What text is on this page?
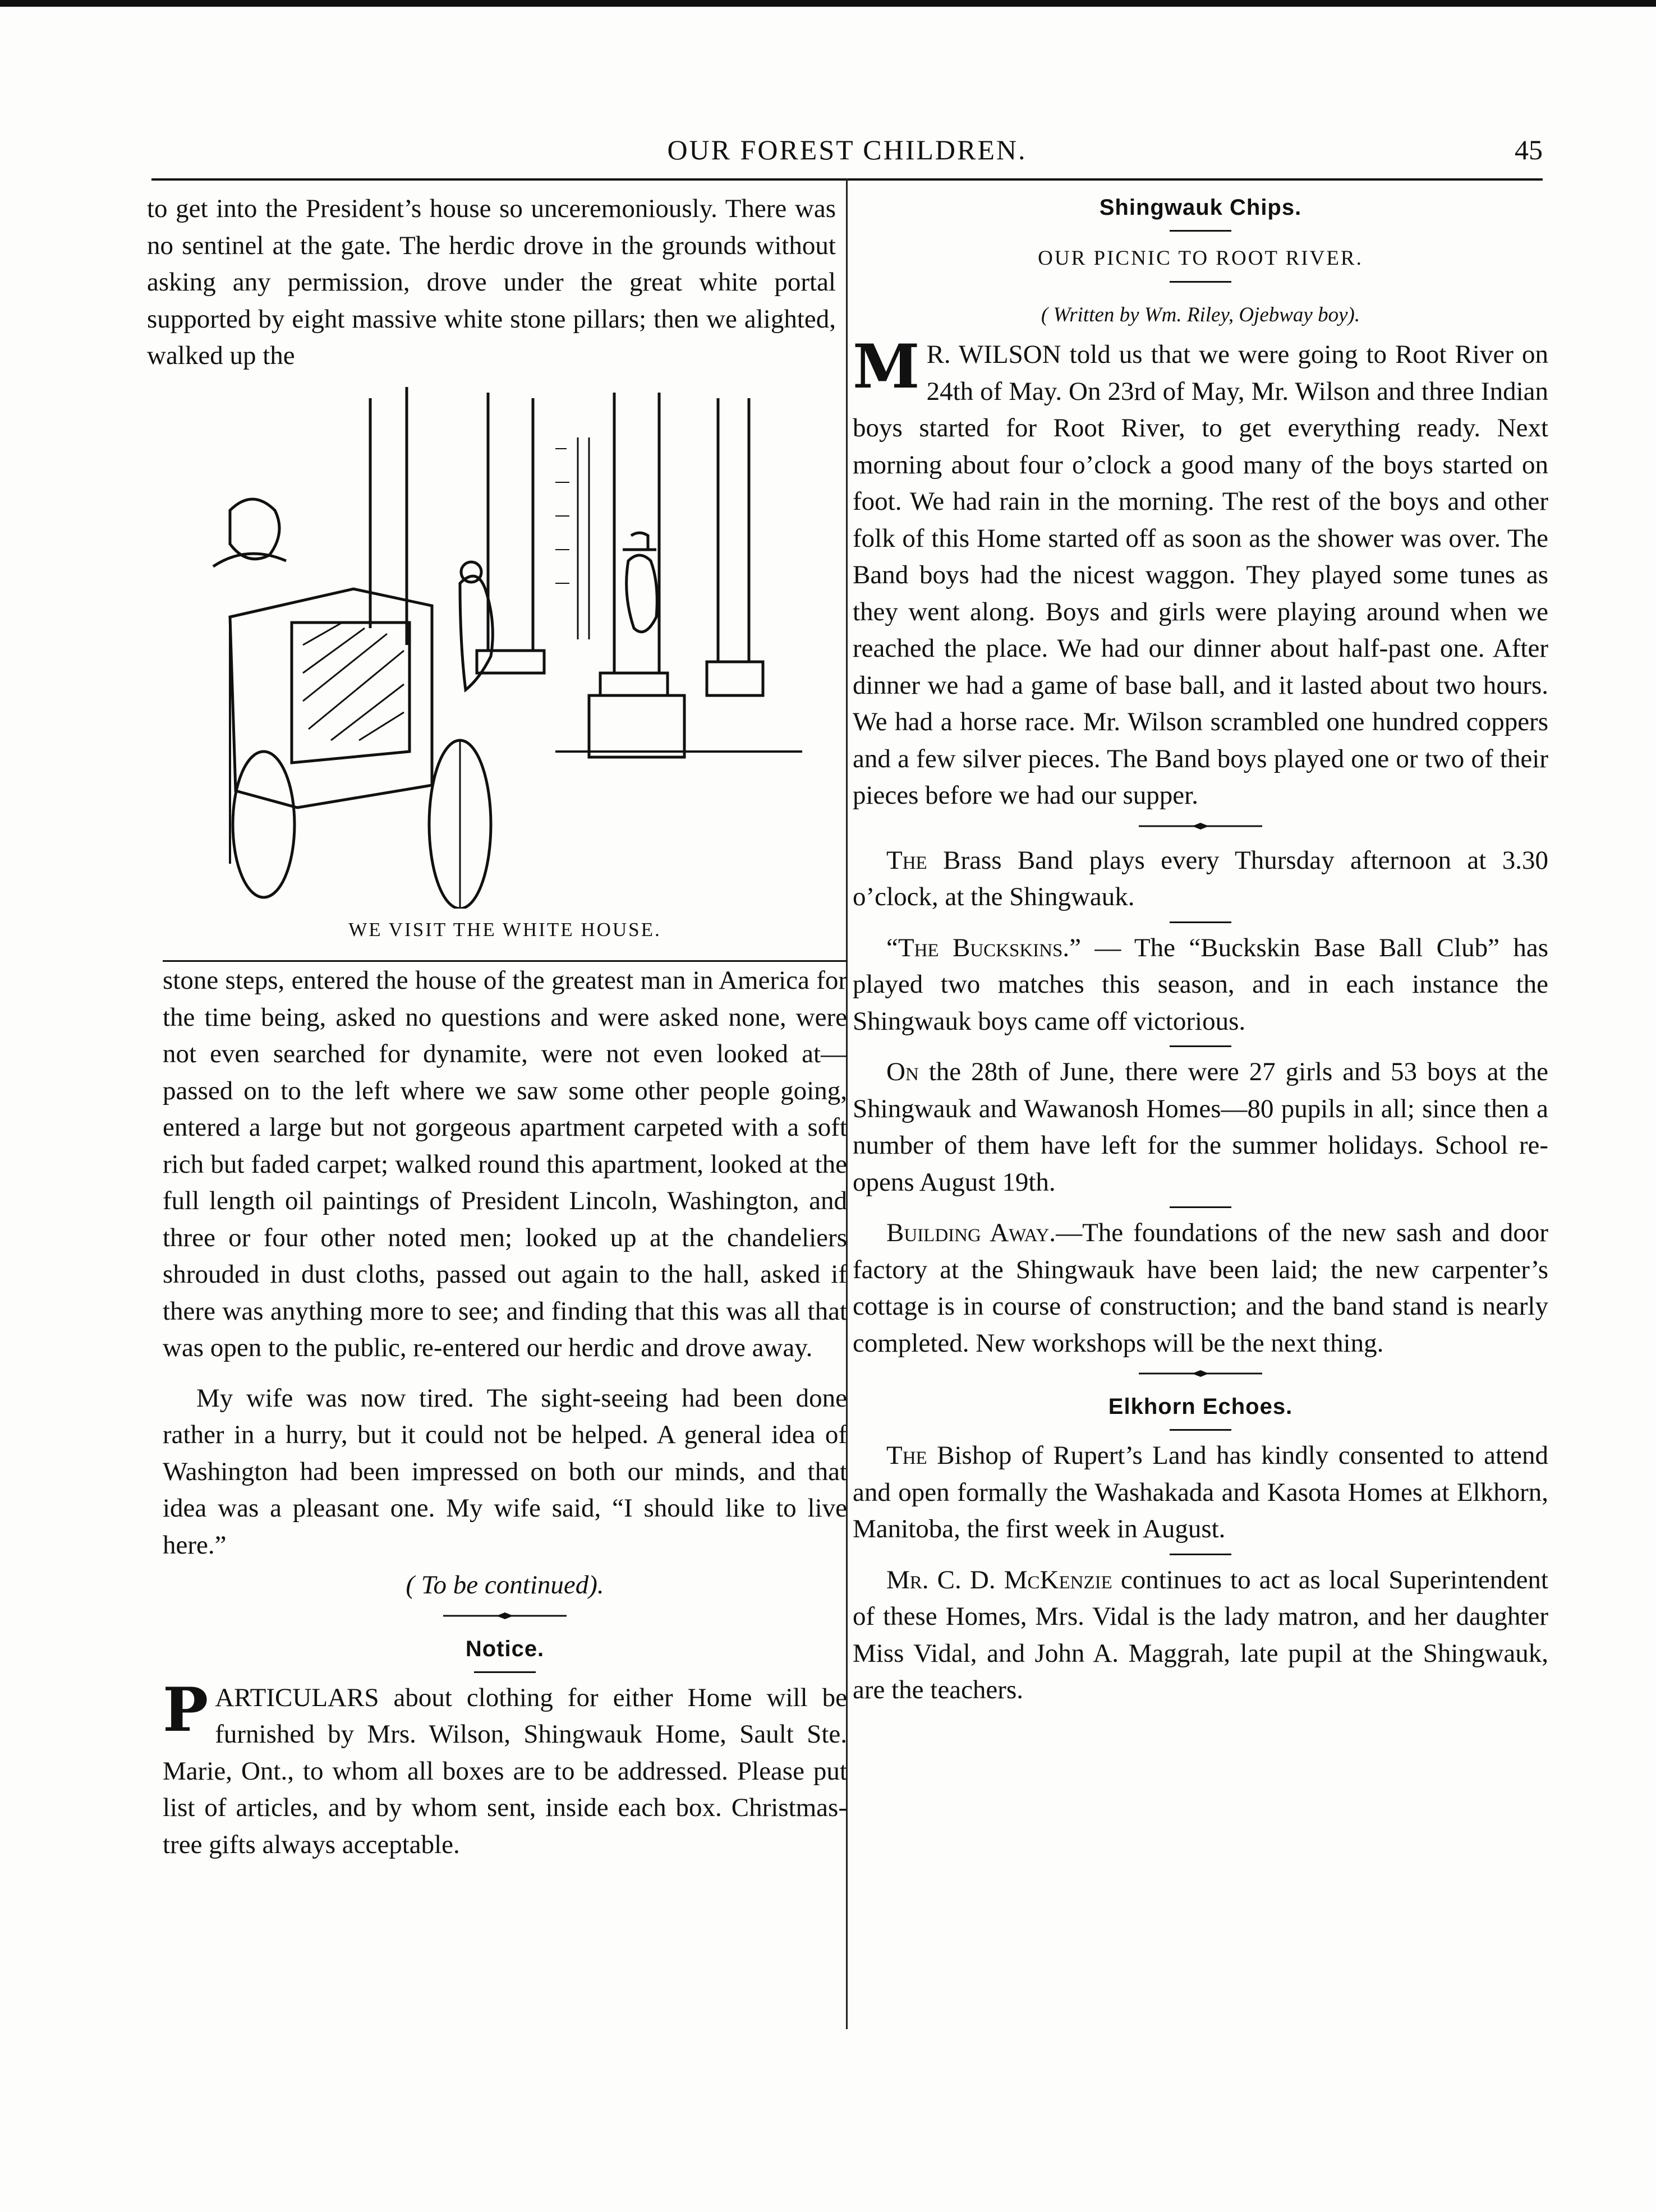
OUR FOREST CHILDREN.	45

to get into the President’s house so unceremoniously. There was no sentinel at the gate. The herdic drove in the grounds without asking any permission, drove under the great white portal supported by eight massive white stone pillars; then we alighted, walked up the

WE VISIT THE WHITE HOUSE.

stone steps, entered the house of the greatest man in America for the time being, asked no questions and were asked none, were not even searched for dynamite, were not even looked at—passed on to the left where we saw some other people going, entered a large but not gorgeous apartment carpeted with a soft rich but faded carpet; walked round this apartment, looked at the full length oil paintings of President Lincoln, Washington, and three or four other noted men; looked up at the chandeliers shrouded in dust cloths, passed out again to the hall, asked if there was anything more to see; and finding that this was all that was open to the public, re-entered our herdic and drove away.

My wife was now tired. The sight-seeing had been done rather in a hurry, but it could not be helped. A general idea of Washington had been impressed on both our minds, and that idea was a pleasant one. My wife said, “I should like to live here.”

( To be continued).
Notice.

P ARTICULARS about clothing for either Home will be furnished by Mrs. Wilson, Shingwauk Home, Sault Ste. Marie, Ont., to whom all boxes are to be addressed. Please put list of articles, and by whom sent, inside each box. Christmas-tree gifts always acceptable.

Shingwauk Chips.
OUR PICNIC TO ROOT RIVER.
( Written by Wm. Riley, Ojebway boy).

M R. WILSON told us that we were going to Root River on 24th of May. On 23rd of May, Mr. Wilson and three Indian boys started for Root River, to get everything ready. Next morning about four o’clock a good many of the boys started on foot. We had rain in the morning. The rest of the boys and other folk of this Home started off as soon as the shower was over. The Band boys had the nicest waggon. They played some tunes as they went along. Boys and girls were playing around when we reached the place. We had our dinner about half-past one. After dinner we had a game of base ball, and it lasted about two hours. We had a horse race. Mr. Wilson scrambled one hundred coppers and a few silver pieces. The Band boys played one or two of their pieces before we had our supper.

The Brass Band plays every Thursday afternoon at 3.30 o’clock, at the Shingwauk.

“The Buckskins.” — The “Buckskin Base Ball Club” has played two matches this season, and in each instance the Shingwauk boys came off victorious.

On the 28th of June, there were 27 girls and 53 boys at the Shingwauk and Wawanosh Homes—80 pupils in all; since then a number of them have left for the summer holidays. School re-opens August 19th.

Building Away.—The foundations of the new sash and door factory at the Shingwauk have been laid; the new carpenter’s cottage is in course of construction; and the band stand is nearly completed. New workshops will be the next thing.

Elkhorn Echoes.

The Bishop of Rupert’s Land has kindly consented to attend and open formally the Washakada and Kasota Homes at Elkhorn, Manitoba, the first week in August.

Mr. C. D. McKenzie continues to act as local Superintendent of these Homes, Mrs. Vidal is the lady matron, and her daughter Miss Vidal, and John A. Maggrah, late pupil at the Shingwauk, are the teachers.
